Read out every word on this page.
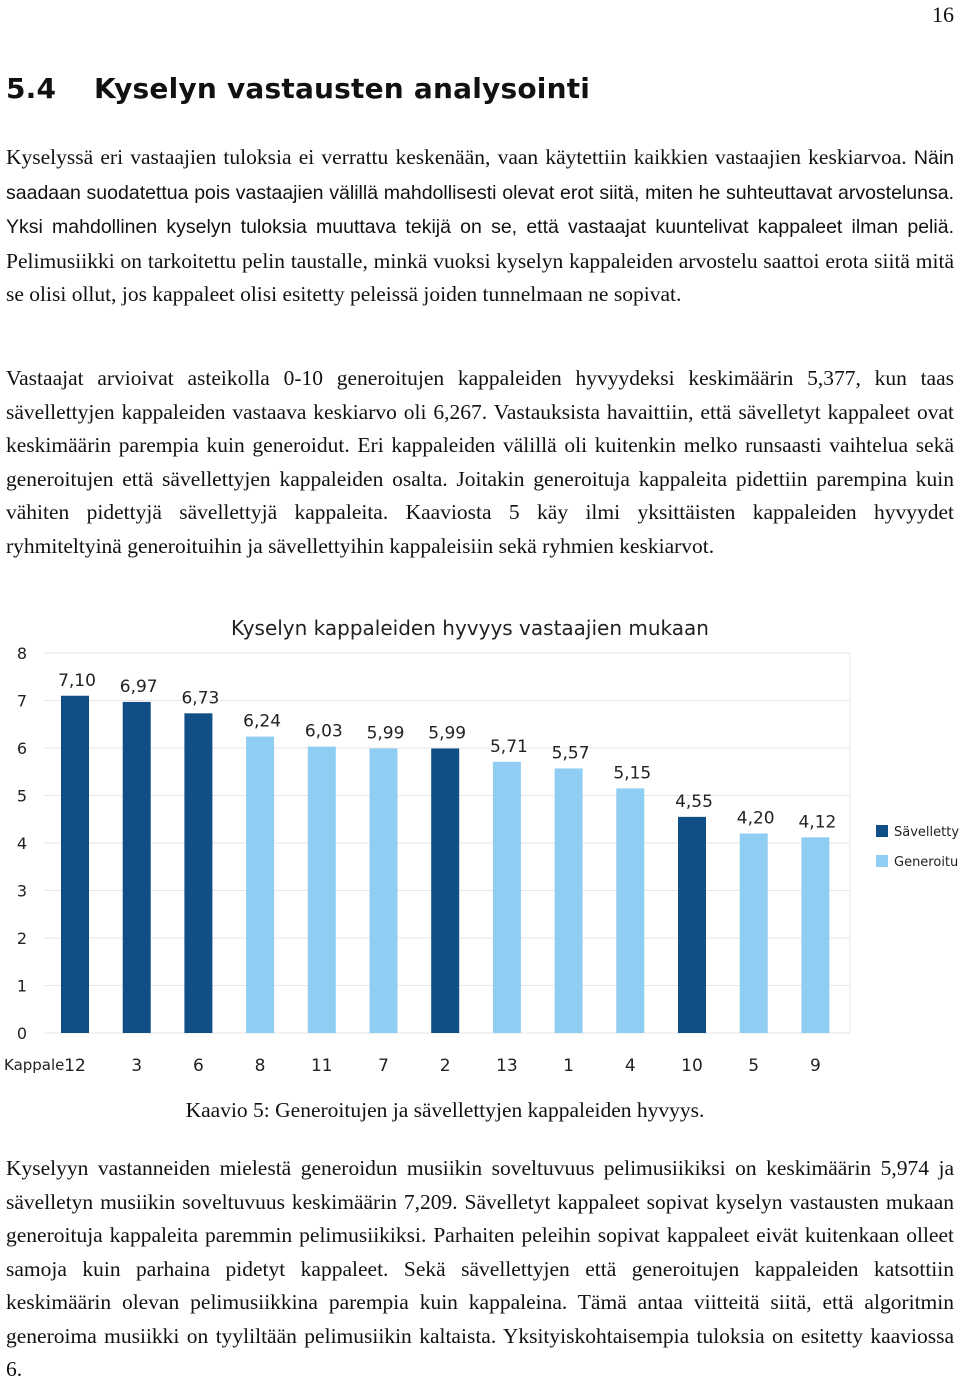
16
5.4 Kyselyn vastausten analysointi

Kyselyssä eri vastaajien tuloksia ei verrattu keskenään, vaan käytettiin kaikkien vastaajien keskiarvoa. Näin saadaan suodatettua pois vastaajien välillä mahdollisesti olevat erot siitä, miten he suhteuttavat arvostelunsa. Yksi mahdollinen kyselyn tuloksia muuttava tekijä on se, että vastaajat kuuntelivat kappaleet ilman peliä. Pelimusiikki on tarkoitettu pelin taustalle, minkä vuoksi kyselyn kappaleiden arvostelu saattoi erota siitä mitä se olisi ollut, jos kappaleet olisi esitetty peleissä joiden tunnelmaan ne sopivat.

Vastaajat arvioivat asteikolla 0-10 generoitujen kappaleiden hyvyydeksi keskimäärin 5,377, kun taas sävellettyjen kappaleiden vastaava keskiarvo oli 6,267. Vastauksista havaittiin, että sävelletyt kappaleet ovat keskimäärin parempia kuin generoidut. Eri kappaleiden välillä oli kuitenkin melko runsaasti vaihtelua sekä generoitujen että sävellettyjen kappaleiden osalta. Joitakin generoituja kappaleita pidettiin parempina kuin vähiten pidettyjä sävellettyjä kappaleita. Kaaviosta 5 käy ilmi yksittäisten kappaleiden hyvyydet ryhmiteltyinä generoituihin ja sävellettyihin kappaleisiin sekä ryhmien keskiarvot.

Kyselyn kappaleiden hyvyys vastaajien mukaan
0
1
2
3
4
5
6
7
8
7,10 6,97
6,73
6,24 6,03 5,99 5,99
5,71 5,57
5,15
4,55
4,20 4,12
12	3	6	8	11	7	2	13	1	4	10	5	9
Kappale
Sävelletty
Generoitu
Kaavio 5: Generoitujen ja sävellettyjen kappaleiden hyvyys.

Kyselyyn vastanneiden mielestä generoidun musiikin soveltuvuus pelimusiikiksi on keskimäärin 5,974 ja sävelletyn musiikin soveltuvuus keskimäärin 7,209. Sävelletyt kappaleet sopivat kyselyn vastausten mukaan generoituja kappaleita paremmin pelimusiikiksi. Parhaiten peleihin sopivat kappaleet eivät kuitenkaan olleet samoja kuin parhaina pidetyt kappaleet. Sekä sävellettyjen että generoitujen kappaleiden katsottiin keskimäärin olevan pelimusiikkina parempia kuin kappaleina. Tämä antaa viitteitä siitä, että algoritmin generoima musiikki on tyyliltään pelimusiikin kaltaista. Yksityiskohtaisempia tuloksia on esitetty kaaviossa 6.
